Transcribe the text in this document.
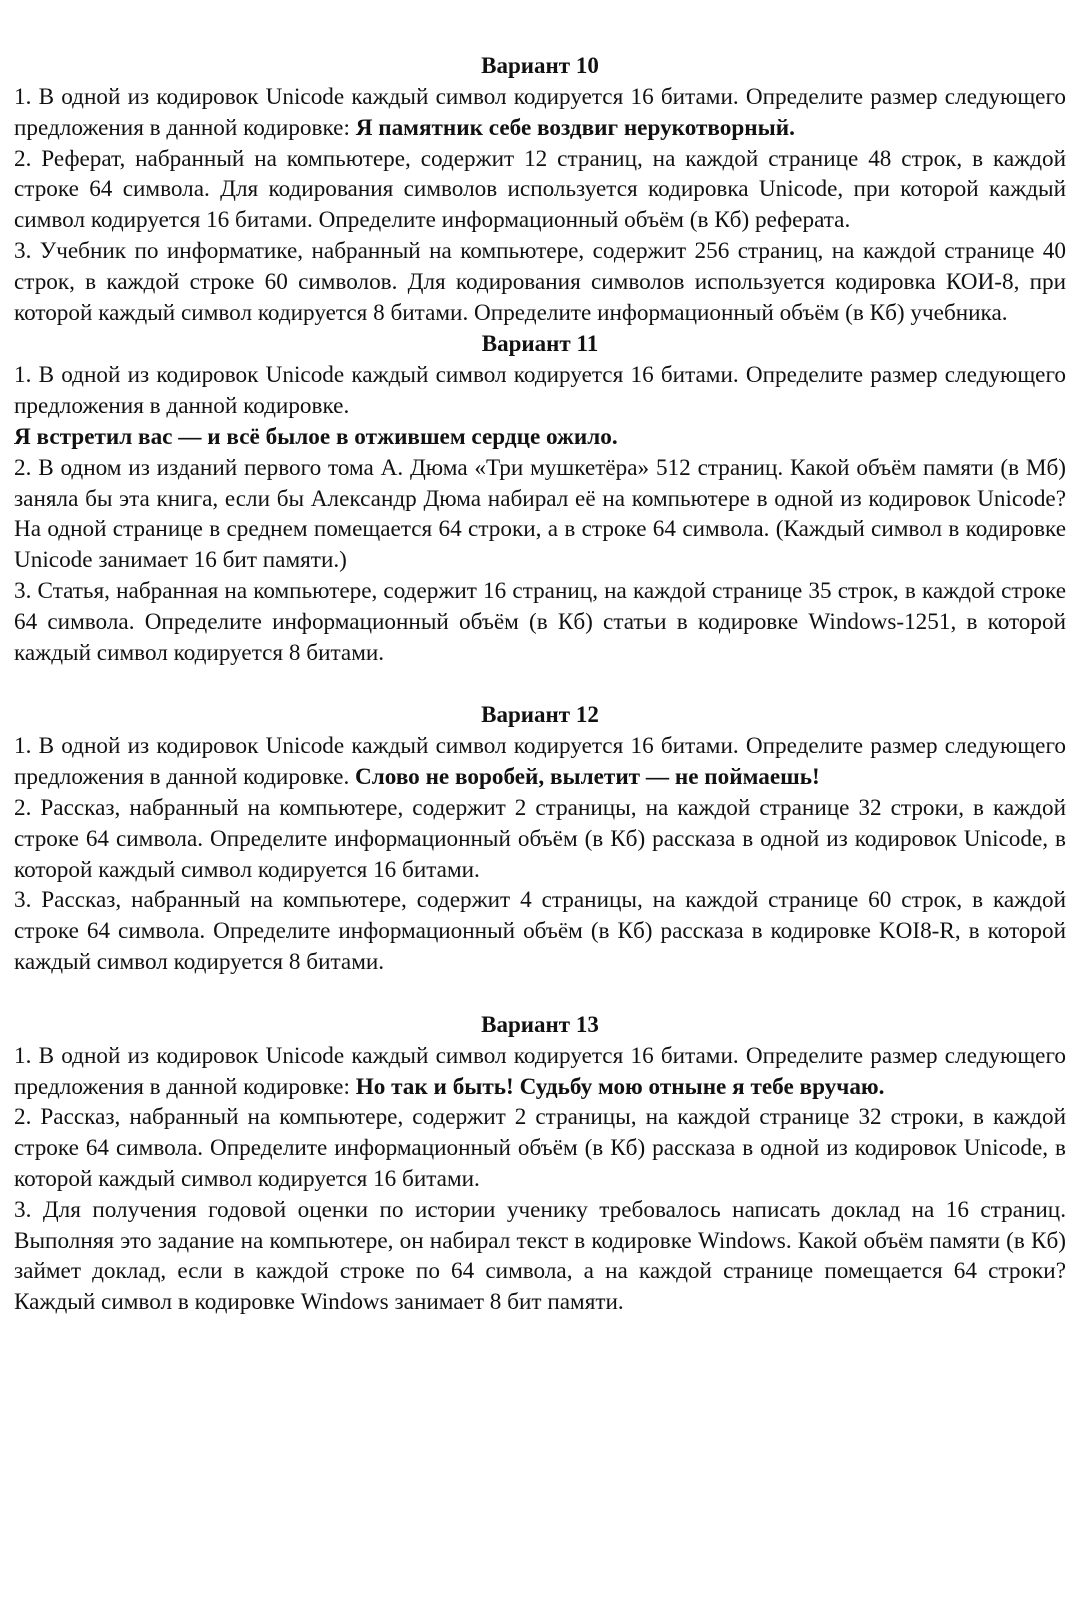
Вариант 10

1. В одной из кодировок Unicode каждый символ кодируется 16 битами. Определите размер следующего предложения в данной кодировке: Я памятник себе воздвиг нерукотворный.

2. Реферат, набранный на компьютере, содержит 12 страниц, на каждой странице 48 строк, в каждой строке 64 символа. Для кодирования символов используется кодировка Unicode, при которой каждый символ кодируется 16 битами. Определите информационный объём (в Кб) реферата.

3. Учебник по информатике, набранный на компьютере, содержит 256 страниц, на каждой странице 40 строк, в каждой строке 60 символов. Для кодирования символов используется кодировка КОИ-8, при которой каждый символ кодируется 8 битами. Определите информационный объём (в Кб) учебника.

Вариант 11

1. В одной из кодировок Unicode каждый символ кодируется 16 битами. Определите размер следующего предложения в данной кодировке.

Я встретил вас — и всё былое в отжившем сердце ожило.

2. В одном из изданий первого тома А. Дюма «Три мушкетёра» 512 страниц. Какой объём памяти (в Мб) заняла бы эта книга, если бы Александр Дюма набирал её на компьютере в одной из кодировок Unicode? На одной странице в среднем помещается 64 строки, а в строке 64 символа. (Каждый символ в кодировке Unicode занимает 16 бит памяти.)

3. Статья, набранная на компьютере, содержит 16 страниц, на каждой странице 35 строк, в каждой строке 64 символа. Определите информационный объём (в Кб) статьи в кодировке Windows-1251, в которой каждый символ кодируется 8 битами.

Вариант 12

1. В одной из кодировок Unicode каждый символ кодируется 16 битами. Определите размер следующего предложения в данной кодировке. Слово не воробей, вылетит — не поймаешь!

2. Рассказ, набранный на компьютере, содержит 2 страницы, на каждой странице 32 строки, в каждой строке 64 символа. Определите информационный объём (в Кб) рассказа в одной из кодировок Unicode, в которой каждый символ кодируется 16 битами.

3. Рассказ, набранный на компьютере, содержит 4 страницы, на каждой странице 60 строк, в каждой строке 64 символа. Определите информационный объём (в Кб) рассказа в кодировке KOI8-R, в которой каждый символ кодируется 8 битами.

Вариант 13

1. В одной из кодировок Unicode каждый символ кодируется 16 битами. Определите размер следующего предложения в данной кодировке: Но так и быть! Судьбу мою отныне я тебе вручаю.

2. Рассказ, набранный на компьютере, содержит 2 страницы, на каждой странице 32 строки, в каждой строке 64 символа. Определите информационный объём (в Кб) рассказа в одной из кодировок Unicode, в которой каждый символ кодируется 16 битами.

3. Для получения годовой оценки по истории ученику требовалось написать доклад на 16 страниц. Выполняя это задание на компьютере, он набирал текст в кодировке Windows. Какой объём памяти (в Кб) займет доклад, если в каждой строке по 64 символа, а на каждой странице помещается 64 строки? Каждый символ в кодировке Windows занимает 8 бит памяти.
